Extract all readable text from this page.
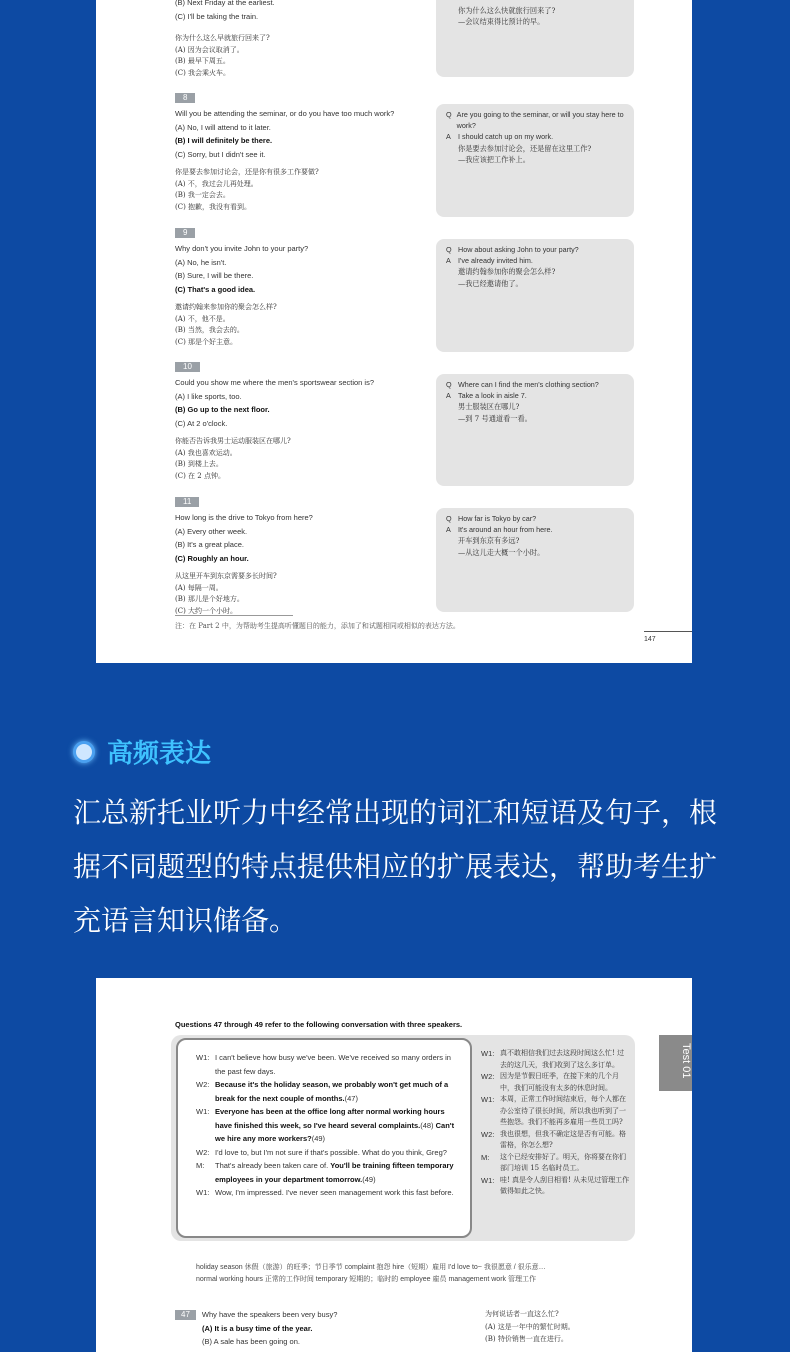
(B) Next Friday at the earliest.
(C) I'll be taking the train.
你为什么这么早就旅行回来了?
(A) 因为会议取消了。
(B) 最早下周五。
(C) 我会乘火车。
你为什么这么快就旅行回来了?
—会议结束得比预计的早。
8
Will you be attending the seminar, or do you have too much work?
(A) No, I will attend to it later.
(B) I will definitely be there.
(C) Sorry, but I didn't see it.
你是要去参加讨论会，还是你有很多工作要做?
(A) 不，我过会儿再处理。
(B) 我一定会去。
(C) 抱歉，我没有看到。
Q Are you going to the seminar, or will you stay here to work?
A	I should catch up on my work.
你是要去参加讨论会，还是留在这里工作?
—我应该把工作补上。
9
Why don't you invite John to your party?
(A) No, he isn't.
(B) Sure, I will be there.
(C) That's a good idea.
邀请约翰来参加你的聚会怎么样?
(A) 不，他不是。
(B) 当然，我会去的。
(C) 那是个好主意。
Q How about asking John to your party?
A	I've already invited him.
邀请约翰参加你的聚会怎么样?
—我已经邀请他了。
10
Could you show me where the men's sportswear section is?
(A) I like sports, too.
(B) Go up to the next floor.
(C) At 2 o'clock.
你能否告诉我男士运动服装区在哪儿?
(A) 我也喜欢运动。
(B) 到楼上去。
(C) 在 2 点钟。
Q Where can I find the men's clothing section?
A	Take a look in aisle 7.
男士服装区在哪儿?
—到 7 号通道看一看。
11
How long is the drive to Tokyo from here?
(A) Every other week.
(B) It's a great place.
(C) Roughly an hour.
从这里开车到东京需要多长时间?
(A) 每隔一周。
(B) 那儿是个好地方。
(C) 大约一个小时。
Q How far is Tokyo by car?
A	It's around an hour from here.
开车到东京有多远?
—从这儿走大概一个小时。
注：在 Part 2 中，为帮助考生提高听懂题目的能力，添加了和试题相同或相似的表达方法。
147
高频表达
汇总新托业听力中经常出现的词汇和短语及句子，根据不同题型的特点提供相应的扩展表达，帮助考生扩充语言知识储备。
Questions 47 through 49 refer to the following conversation with three speakers.
Test 01
W1: I can't believe how busy we've been. We've received so many orders in the past few days.
W2: Because it's the holiday season, we probably won't get much of a break for the next couple of months.(47)
W1: Everyone has been at the office long after normal working hours have finished this week, so I've heard several complaints.(48) Can't we hire any more workers?(49)
W2: I'd love to, but I'm not sure if that's possible. What do you think, Greg?
M:	That's already been taken care of. You'll be training fifteen temporary employees in your department tomorrow.(49)
W1: Wow, I'm impressed. I've never seen management work this fast before.
W1: 真不敢相信我们过去这段时间这么忙! 过去的这几天，我们收到了这么多订单。
W2: 因为是节假日旺季，在接下来的几个月中，我们可能没有太多的休息时间。
W1: 本周，正常工作时间结束后，每个人都在办公室待了很长时间，所以我也听到了一些抱怨。我们不能再多雇用一些员工吗?
W2: 我也很想，但我不确定这是否有可能。格雷格，你怎么想?
M:	这个已经安排好了。明天，你将要在你们部门培训 15 名临时员工。
W1: 哇! 真是令人刮目相看! 从未见过管理工作做得如此之快。
holiday season 休假（旅游）的旺季；节日季节 complaint 抱怨 hire（短期）雇用 I'd love to~ 我很愿意 / 很乐意…
normal working hours 正常的工作时间 temporary 短期的；临时的 employee 雇员 management work 管理工作
47 Why have the speakers been very busy?
(A) It is a busy time of the year.
(B) A sale has been going on.
为何说话者一直这么忙?
(A) 这是一年中的繁忙时期。
(B) 特价销售一直在进行。
